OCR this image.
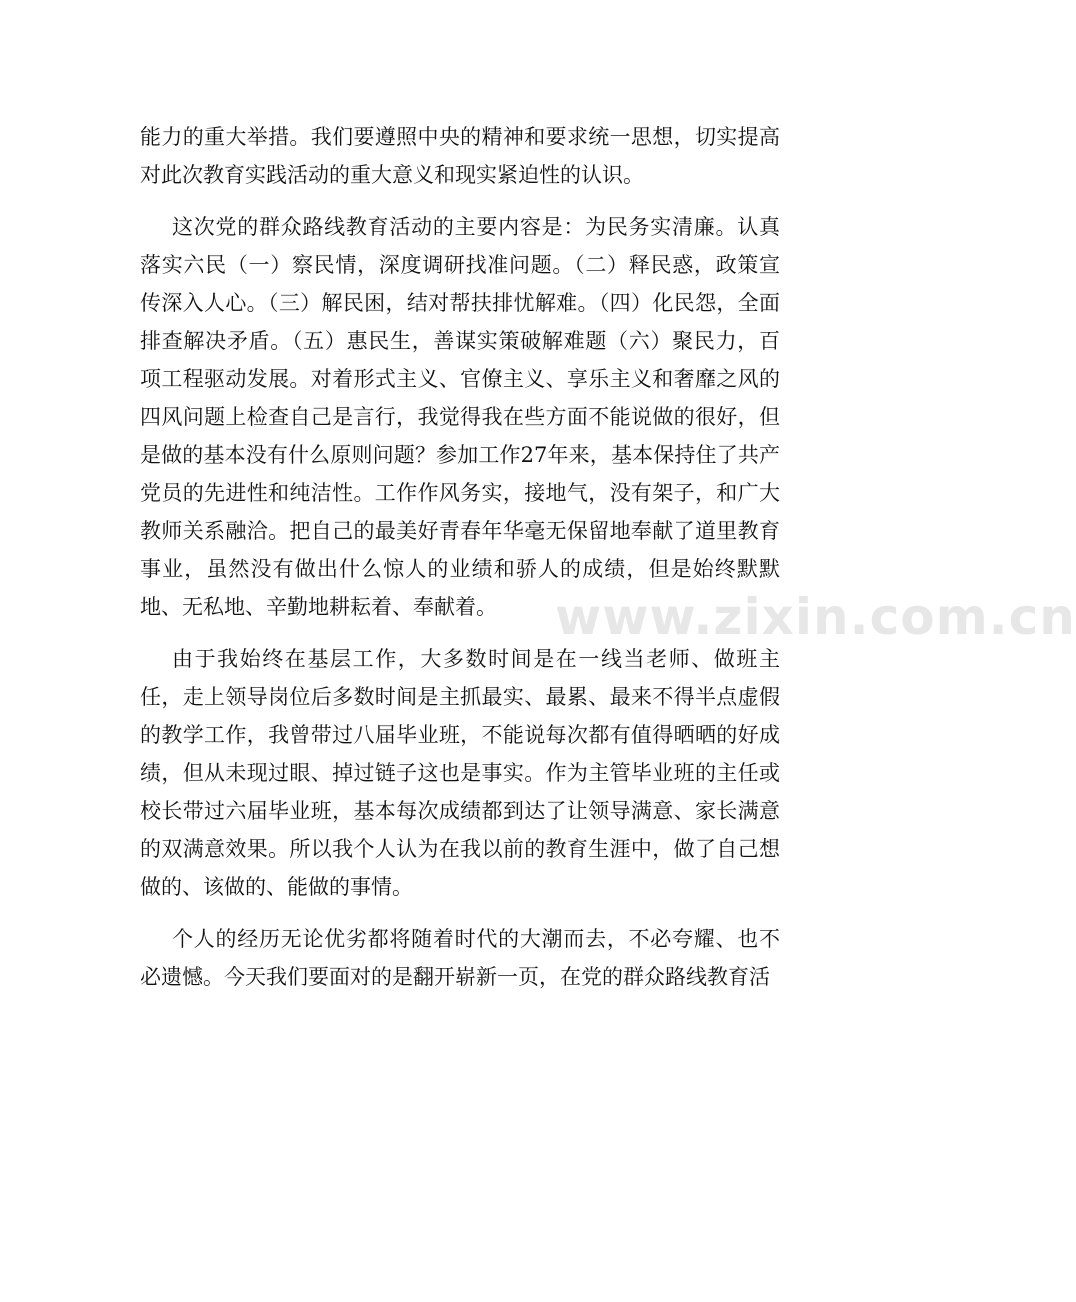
能力的重大举措。我们要遵照中央的精神和要求统一思想，切实提高对此次教育实践活动的重大意义和现实紧迫性的认识。

这次党的群众路线教育活动的主要内容是：为民务实清廉。认真落实六民（一）察民情，深度调研找准问题。（二）释民惑，政策宣传深入人心。（三）解民困，结对帮扶排忧解难。（四）化民怨，全面排查解决矛盾。（五）惠民生，善谋实策破解难题（六）聚民力，百项工程驱动发展。对着形式主义、官僚主义、享乐主义和奢靡之风的四风问题上检查自己是言行，我觉得我在些方面不能说做的很好，但是做的基本没有什么原则问题？参加工作27年来，基本保持住了共产党员的先进性和纯洁性。工作作风务实，接地气，没有架子，和广大教师关系融洽。把自己的最美好青春年华毫无保留地奉献了道里教育事业，虽然没有做出什么惊人的业绩和骄人的成绩，但是始终默默地、无私地、辛勤地耕耘着、奉献着。

由于我始终在基层工作，大多数时间是在一线当老师、做班主任，走上领导岗位后多数时间是主抓最实、最累、最来不得半点虚假的教学工作，我曾带过八届毕业班，不能说每次都有值得晒晒的好成绩，但从未现过眼、掉过链子这也是事实。作为主管毕业班的主任或校长带过六届毕业班，基本每次成绩都到达了让领导满意、家长满意的双满意效果。所以我个人认为在我以前的教育生涯中，做了自己想做的、该做的、能做的事情。

个人的经历无论优劣都将随着时代的大潮而去，不必夸耀、也不必遗憾。今天我们要面对的是翻开崭新一页，在党的群众路线教育活

www.zixin.com.cn
